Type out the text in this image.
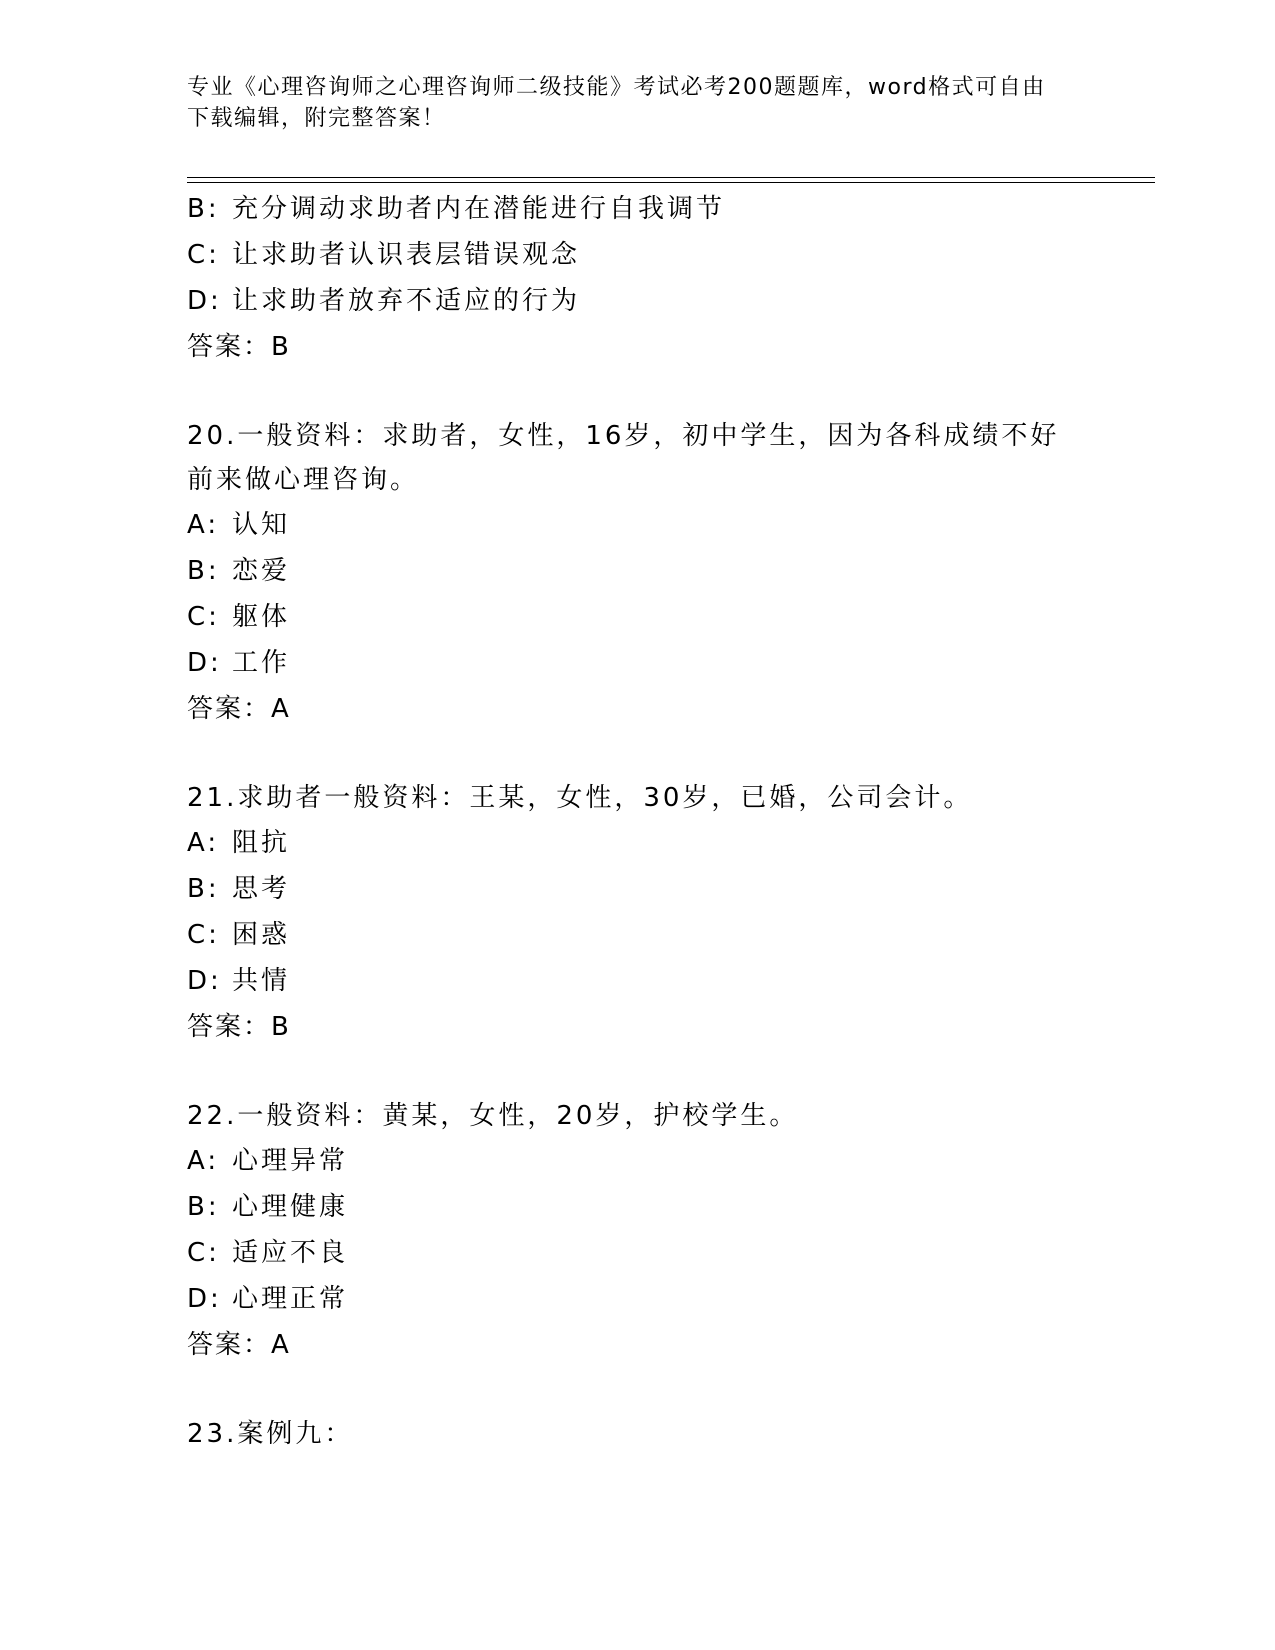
专业《心理咨询师之心理咨询师二级技能》考试必考200题题库，word格式可自由下载编辑，附完整答案！
B: 充分调动求助者内在潜能进行自我调节
C: 让求助者认识表层错误观念
D: 让求助者放弃不适应的行为
答案：B
20.一般资料：求助者，女性，16岁，初中学生，因为各科成绩不好前来做心理咨询。
A: 认知
B: 恋爱
C: 躯体
D: 工作
答案：A
21.求助者一般资料：王某，女性，30岁，已婚，公司会计。
A: 阻抗
B: 思考
C: 困惑
D: 共情
答案：B
22.一般资料：黄某，女性，20岁，护校学生。
A: 心理异常
B: 心理健康
C: 适应不良
D: 心理正常
答案：A
23.案例九：
